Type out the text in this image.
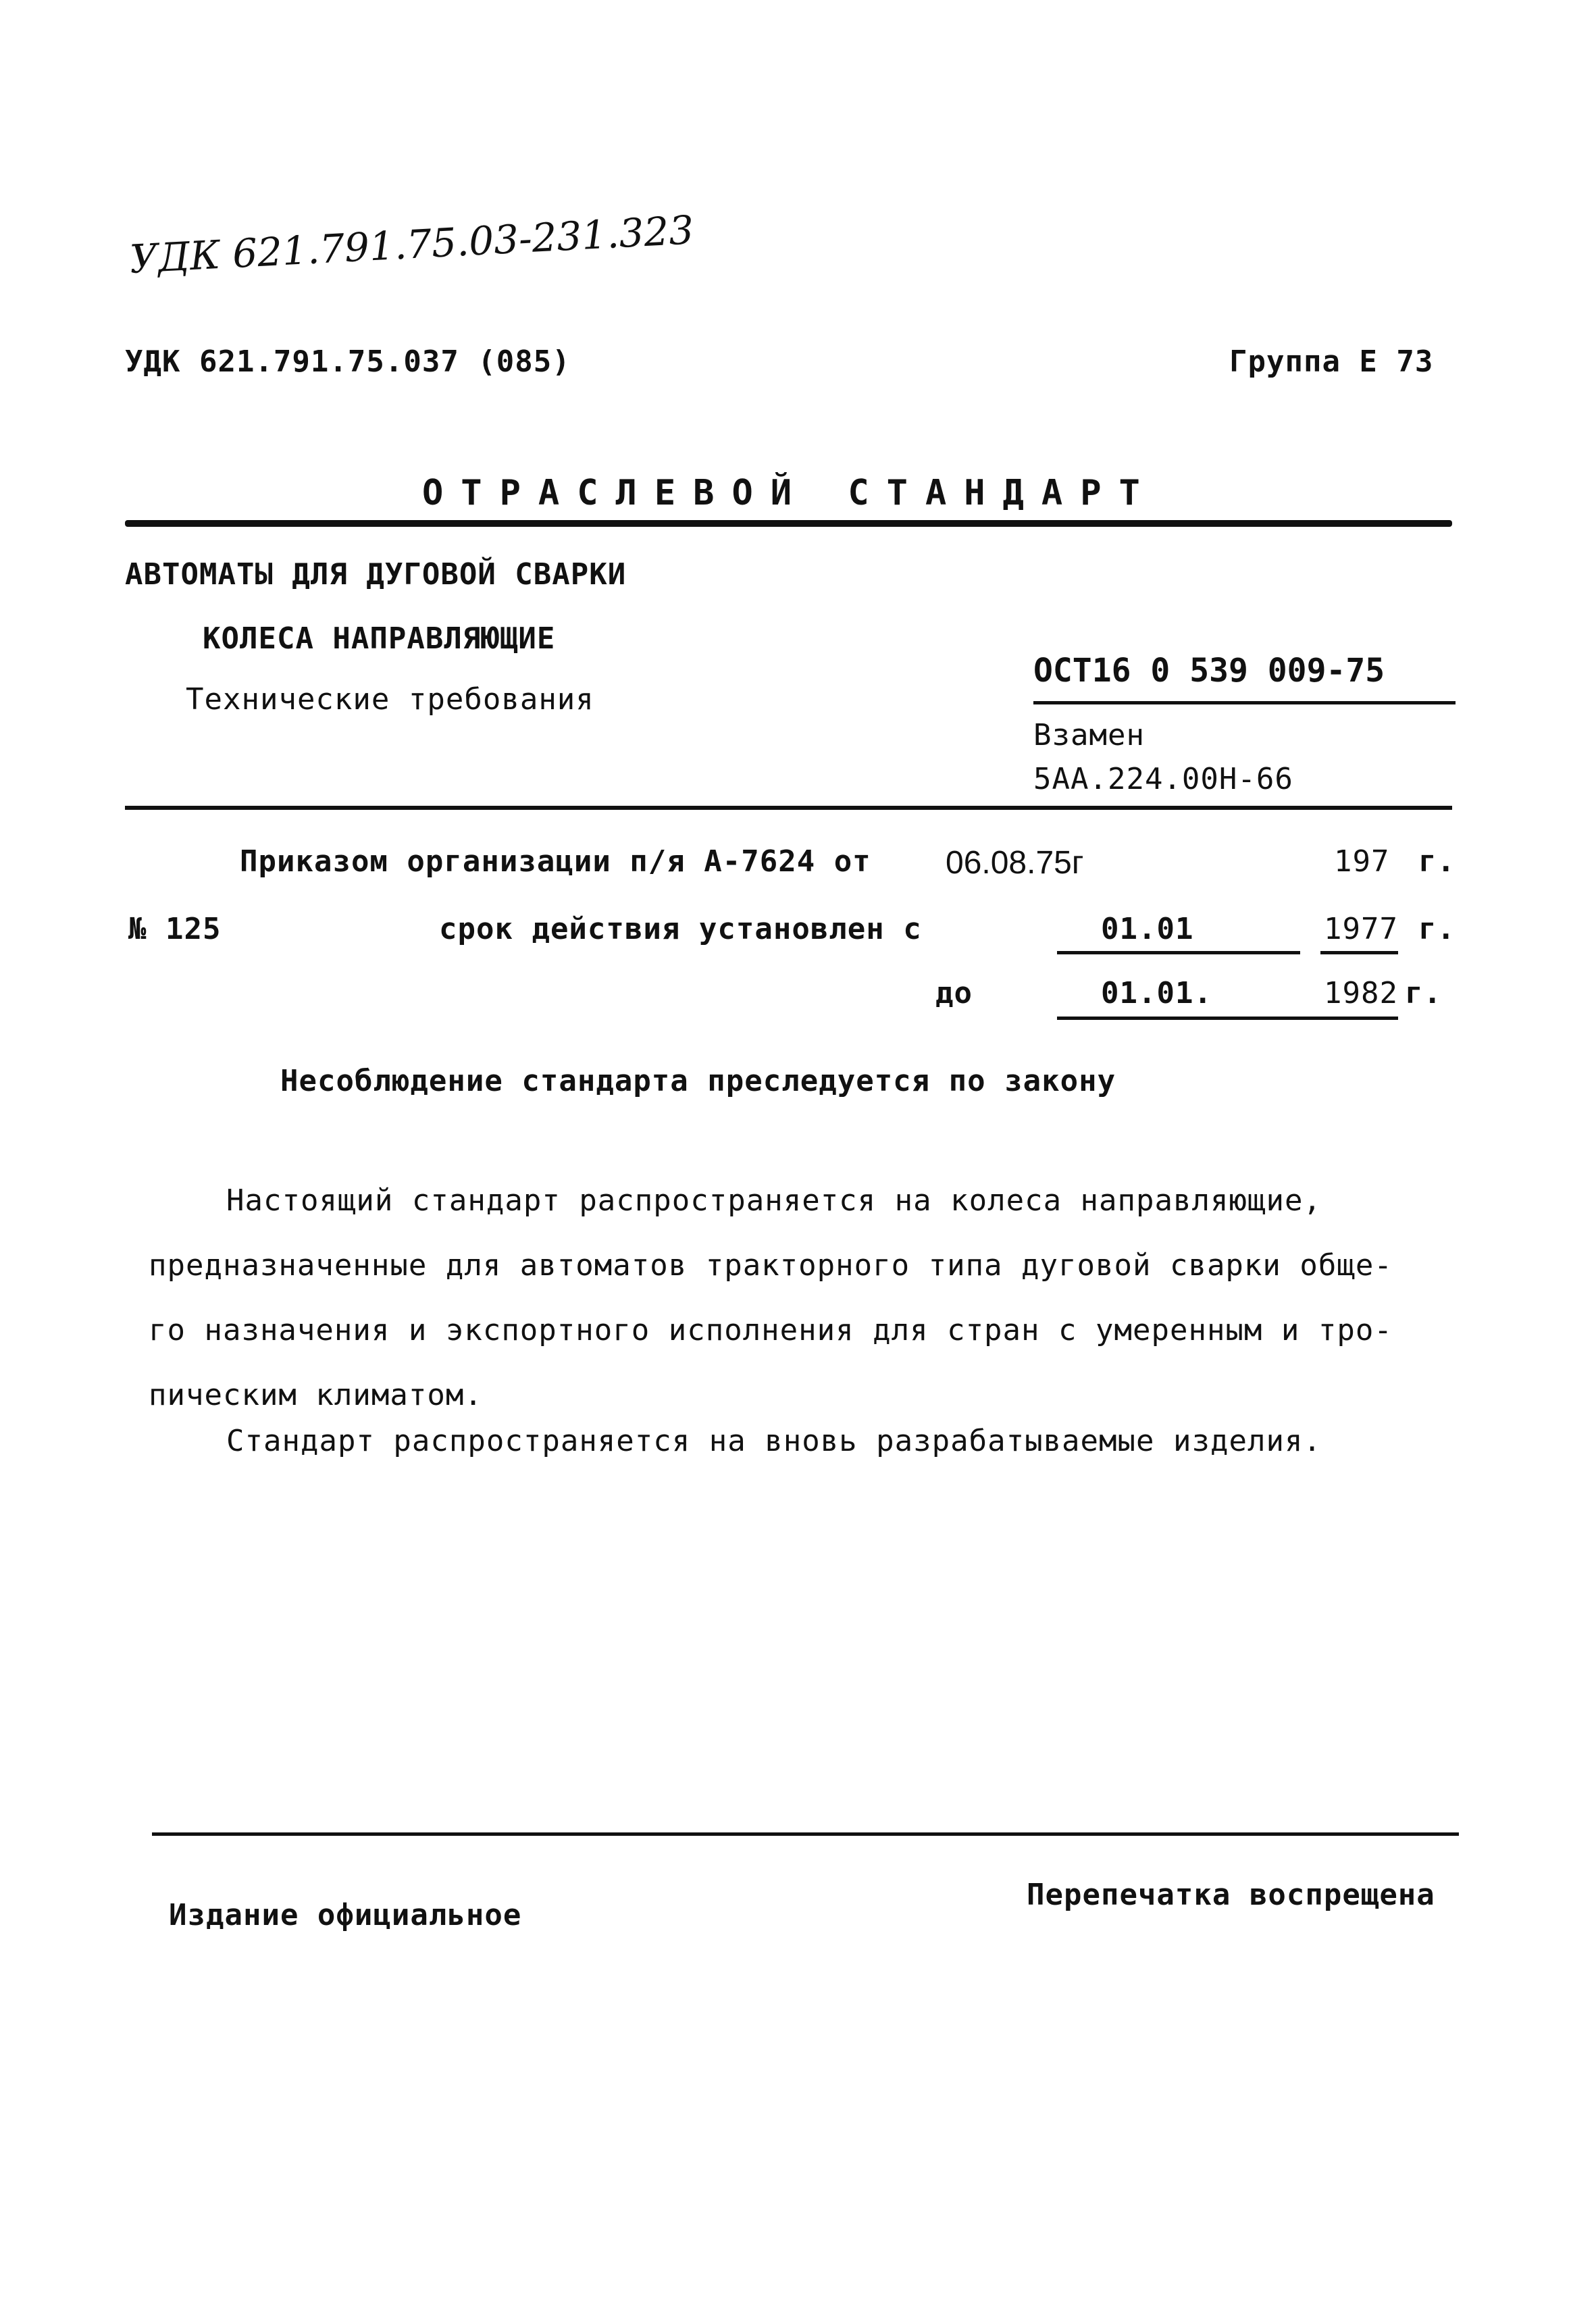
УДК 621.791.75.03-231.323
УДК 621.791.75.037 (085)	Группа Е 73
ОТРАСЛЕВОЙ СТАНДАРТ
АВТОМАТЫ ДЛЯ ДУГОВОЙ СВАРКИ
КОЛЕСА НАПРАВЛЯЮЩИЕ
Технические требования
ОСТ16 0 539 009-75
Взамен
5АА.224.00Н-66
Приказом организации п/я А-7624 от 06.08.75г	197 г.
№ 125	срок действия установлен с	01.01	1977 г.
до	01.01.	1982 г.
Несоблюдение стандарта преследуется по закону
Настоящий стандарт распространяется на колеса направляющие,
предназначенные для автоматов тракторного типа дуговой сварки обще-
го назначения и экспортного исполнения для стран с умеренным и тро-
пическим климатом.
Стандарт распространяется на вновь разрабатываемые изделия.
Издание официальное
Перепечатка воспрещена
